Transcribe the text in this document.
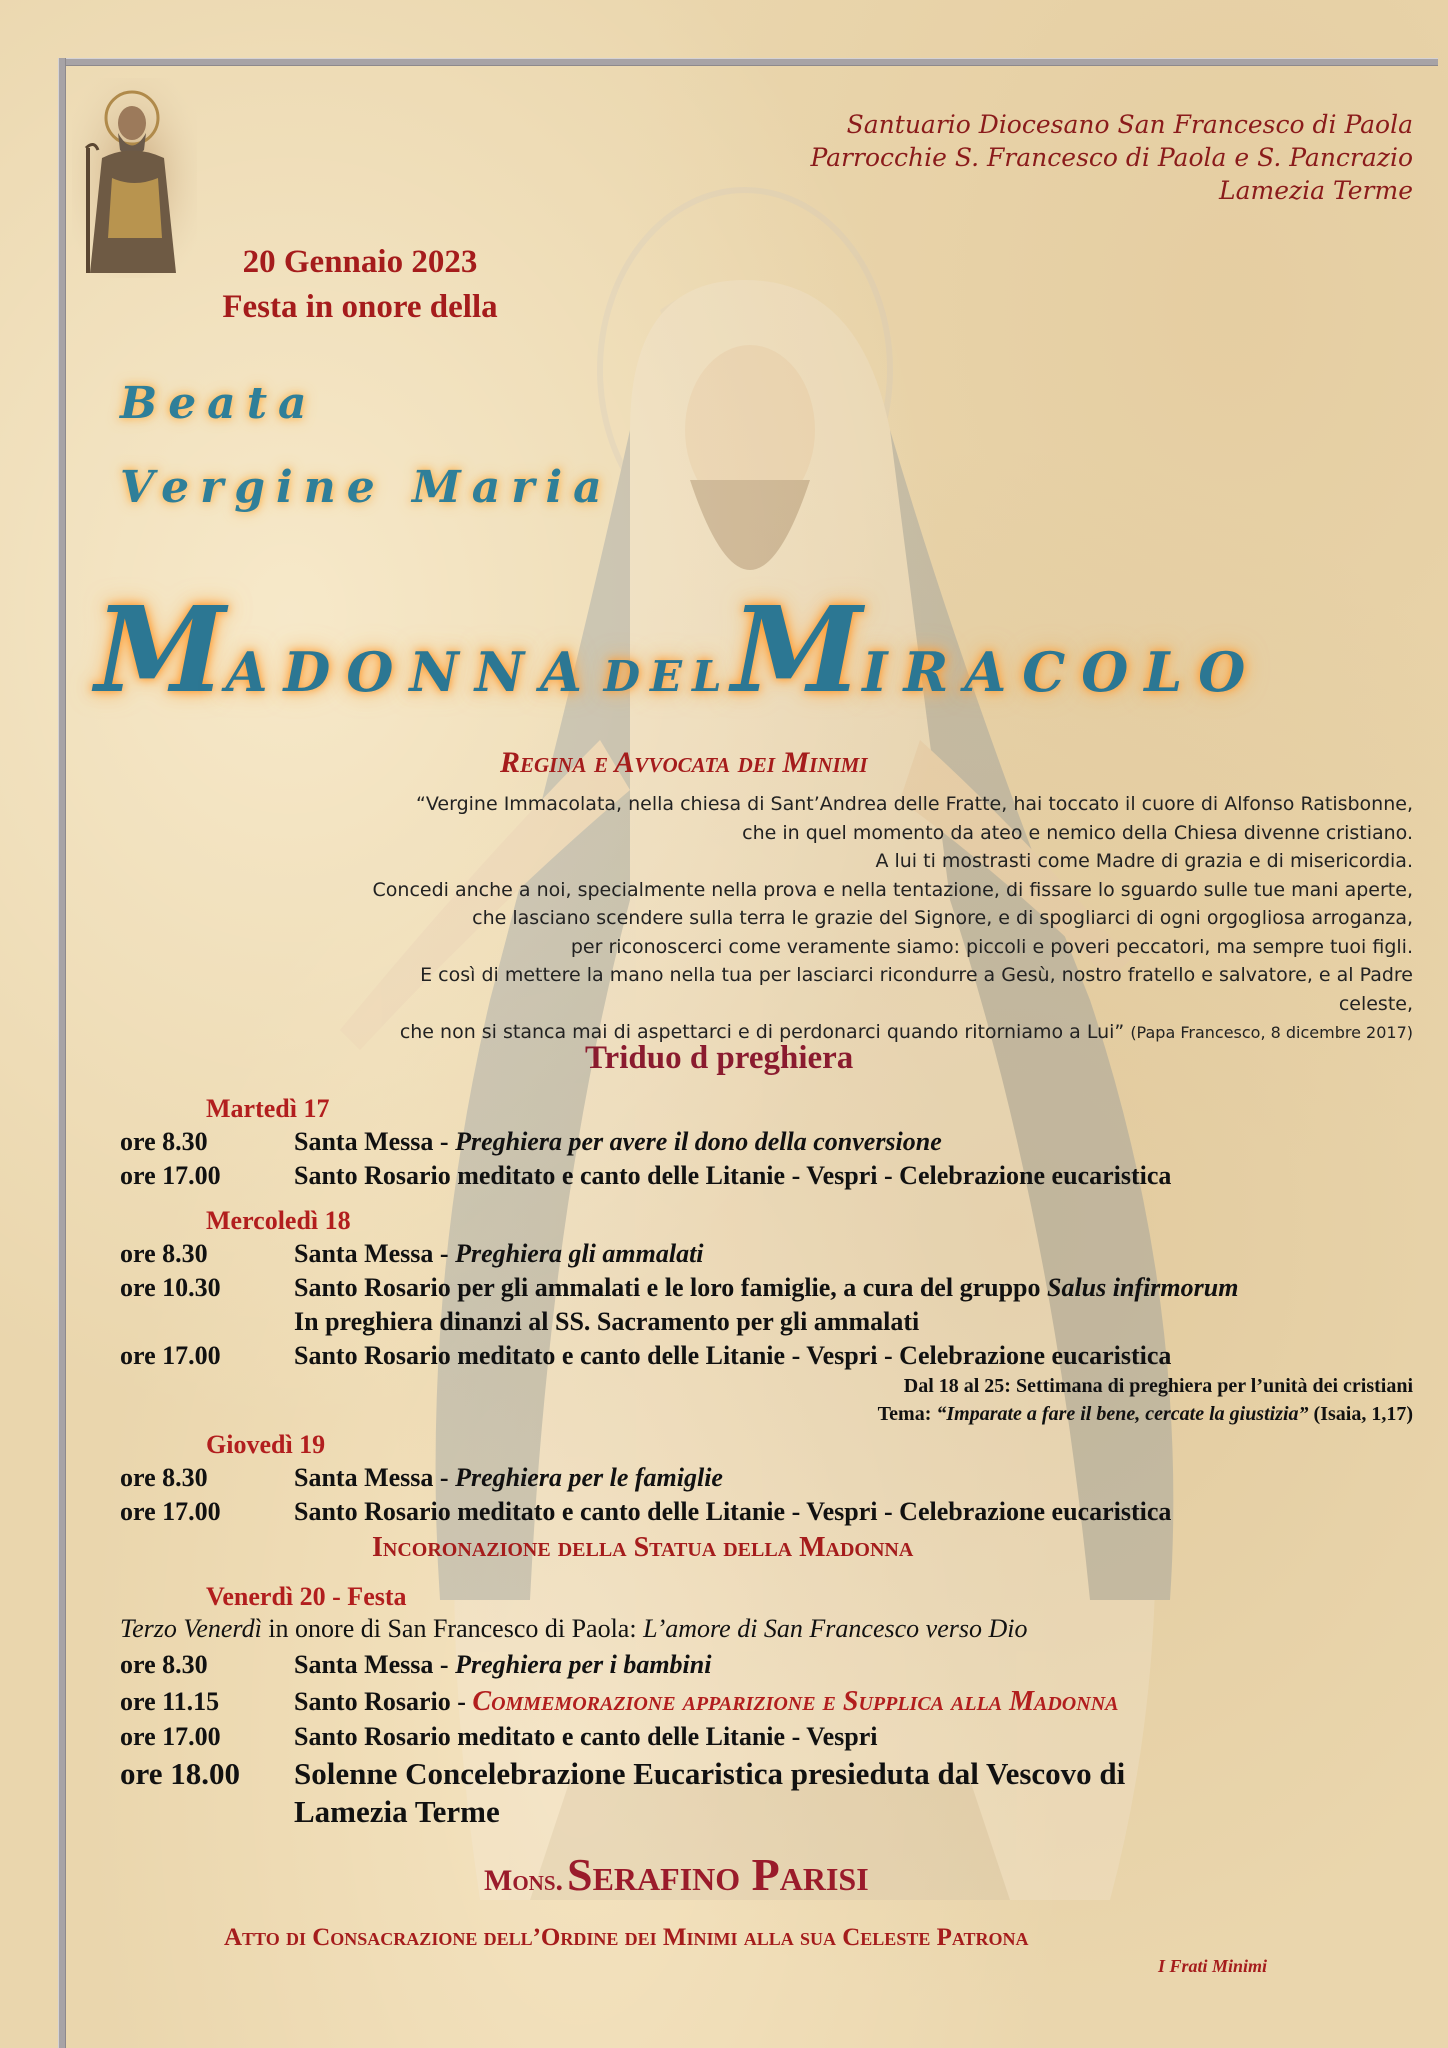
Santuario Diocesano San Francesco di Paola
Parrocchie S. Francesco di Paola e S. Pancrazio
Lamezia Terme
20 Gennaio 2023
Festa in onore della
Beata
Vergine Maria
MADONNA DELMIRACOLO
Regina e Avvocata dei Minimi
“Vergine Immacolata, nella chiesa di Sant’Andrea delle Fratte, hai toccato il cuore di Alfonso Ratisbonne,
che in quel momento da ateo e nemico della Chiesa divenne cristiano.
A lui ti mostrasti come Madre di grazia e di misericordia.
Concedi anche a noi, specialmente nella prova e nella tentazione, di fissare lo sguardo sulle tue mani aperte,
che lasciano scendere sulla terra le grazie del Signore, e di spogliarci di ogni orgogliosa arroganza,
per riconoscerci come veramente siamo: piccoli e poveri peccatori, ma sempre tuoi figli.
E così di mettere la mano nella tua per lasciarci ricondurre a Gesù, nostro fratello e salvatore, e al Padre celeste,
che non si stanca mai di aspettarci e di perdonarci quando ritorniamo a Lui” (Papa Francesco, 8 dicembre 2017)
Triduo d preghiera
Martedì 17
ore 8.30	Santa Messa - Preghiera per avere il dono della conversione
ore 17.00	Santo Rosario meditato e canto delle Litanie - Vespri - Celebrazione eucaristica
Mercoledì 18
ore 8.30	Santa Messa - Preghiera gli ammalati
ore 10.30	Santo Rosario per gli ammalati e le loro famiglie, a cura del gruppo Salus infirmorum
In preghiera dinanzi al SS. Sacramento per gli ammalati
ore 17.00	Santo Rosario meditato e canto delle Litanie - Vespri - Celebrazione eucaristica
Dal 18 al 25: Settimana di preghiera per l’unità dei cristiani
Tema: “Imparate a fare il bene, cercate la giustizia” (Isaia, 1,17)
Giovedì 19
ore 8.30	Santa Messa - Preghiera per le famiglie
ore 17.00	Santo Rosario meditato e canto delle Litanie - Vespri - Celebrazione eucaristica
Incoronazione della Statua della Madonna
Venerdì 20 - Festa
Terzo Venerdì in onore di San Francesco di Paola: L’amore di San Francesco verso Dio
ore 8.30	Santa Messa - Preghiera per i bambini
ore 11.15	Santo Rosario - Commemorazione apparizione e Supplica alla Madonna
ore 17.00	Santo Rosario meditato e canto delle Litanie - Vespri
ore 18.00 Solenne Concelebrazione Eucaristica presieduta dal Vescovo di
Lamezia Terme
Mons. Serafino Parisi
Atto di Consacrazione dell’Ordine dei Minimi alla sua Celeste Patrona
I Frati Minimi
